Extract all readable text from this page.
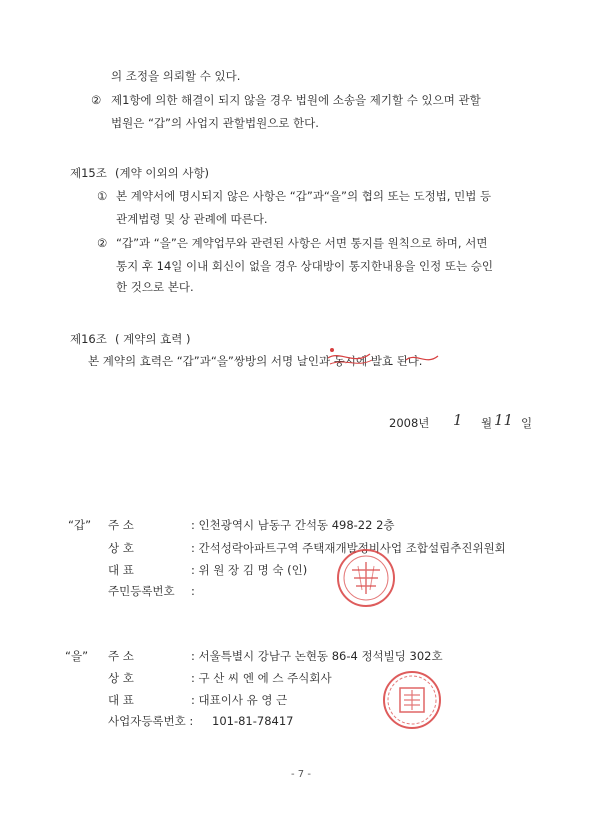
의 조정을 의뢰할 수 있다.
② 제1항에 의한 해결이 되지 않을 경우 법원에 소송을 제기할 수 있으며 관할
법원은 “갑”의 사업지 관할법원으로 한다.
제15조 (계약 이외의 사항)
① 본 계약서에 명시되지 않은 사항은 “갑”과“을”의 협의 또는 도정법, 민법 등
관계법령 및 상 관례에 따른다.
② “갑”과 “을”은 계약업무와 관련된 사항은 서면 통지를 원칙으로 하며, 서면
통지 후 14일 이내 회신이 없을 경우 상대방이 통지한내용을 인정 또는 승인
한 것으로 본다.
제16조 ( 계약의 효력 )
본 계약의 효력은 “갑”과“을”쌍방의 서명 날인과 동시에 발효 된다.
2008년 1 월 11 일
“갑” 주 소	: 인천광역시 남동구 간석동 498-22 2층
상 호	: 간석성락아파트구역 주택재개발정비사업 조합설립추진위원회
대 표	: 위 원 장 김 명 숙 (인)
주민등록번호 :
“을” 주 소	: 서울특별시 강남구 논현동 86-4 정석빌딩 302호
상 호	: 구 산 씨 엔 에 스 주식회사
대 표	: 대표이사 유 영 근
사업자등록번호 : 101-81-78417
- 7 -
